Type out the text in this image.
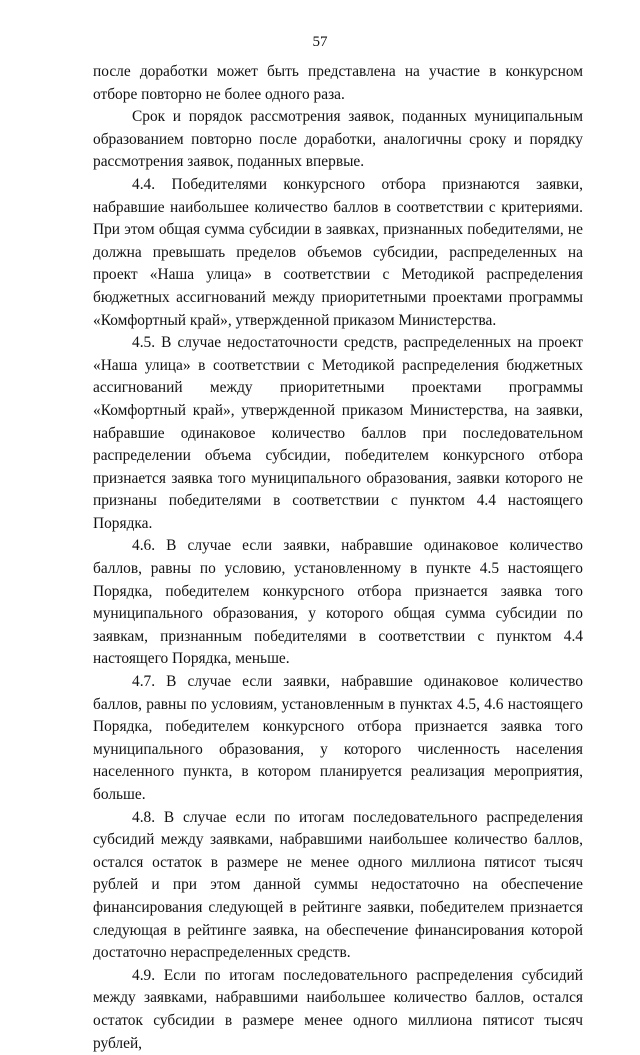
57

после доработки может быть представлена на участие в конкурсном отборе повторно не более одного раза.

Срок и порядок рассмотрения заявок, поданных муниципальным образованием повторно после доработки, аналогичны сроку и порядку рассмотрения заявок, поданных впервые.

4.4. Победителями конкурсного отбора признаются заявки, набравшие наибольшее количество баллов в соответствии с критериями. При этом общая сумма субсидии в заявках, признанных победителями, не должна превышать пределов объемов субсидии, распределенных на проект «Наша улица» в соответствии с Методикой распределения бюджетных ассигнований между приоритетными проектами программы «Комфортный край», утвержденной приказом Министерства.

4.5. В случае недостаточности средств, распределенных на проект «Наша улица» в соответствии с Методикой распределения бюджетных ассигнований между приоритетными проектами программы «Комфортный край», утвержденной приказом Министерства, на заявки, набравшие одинаковое количество баллов при последовательном распределении объема субсидии, победителем конкурсного отбора признается заявка того муниципального образования, заявки которого не признаны победителями в соответствии с пунктом 4.4 настоящего Порядка.

4.6. В случае если заявки, набравшие одинаковое количество баллов, равны по условию, установленному в пункте 4.5 настоящего Порядка, победителем конкурсного отбора признается заявка того муниципального образования, у которого общая сумма субсидии по заявкам, признанным победителями в соответствии с пунктом 4.4 настоящего Порядка, меньше.

4.7. В случае если заявки, набравшие одинаковое количество баллов, равны по условиям, установленным в пунктах 4.5, 4.6 настоящего Порядка, победителем конкурсного отбора признается заявка того муниципального образования, у которого численность населения населенного пункта, в котором планируется реализация мероприятия, больше.

4.8. В случае если по итогам последовательного распределения субсидий между заявками, набравшими наибольшее количество баллов, остался остаток в размере не менее одного миллиона пятисот тысяч рублей и при этом данной суммы недостаточно на обеспечение финансирования следующей в рейтинге заявки, победителем признается следующая в рейтинге заявка, на обеспечение финансирования которой достаточно нераспределенных средств.

4.9. Если по итогам последовательного распределения субсидий между заявками, набравшими наибольшее количество баллов, остался остаток субсидии в размере менее одного миллиона пятисот тысяч рублей,
